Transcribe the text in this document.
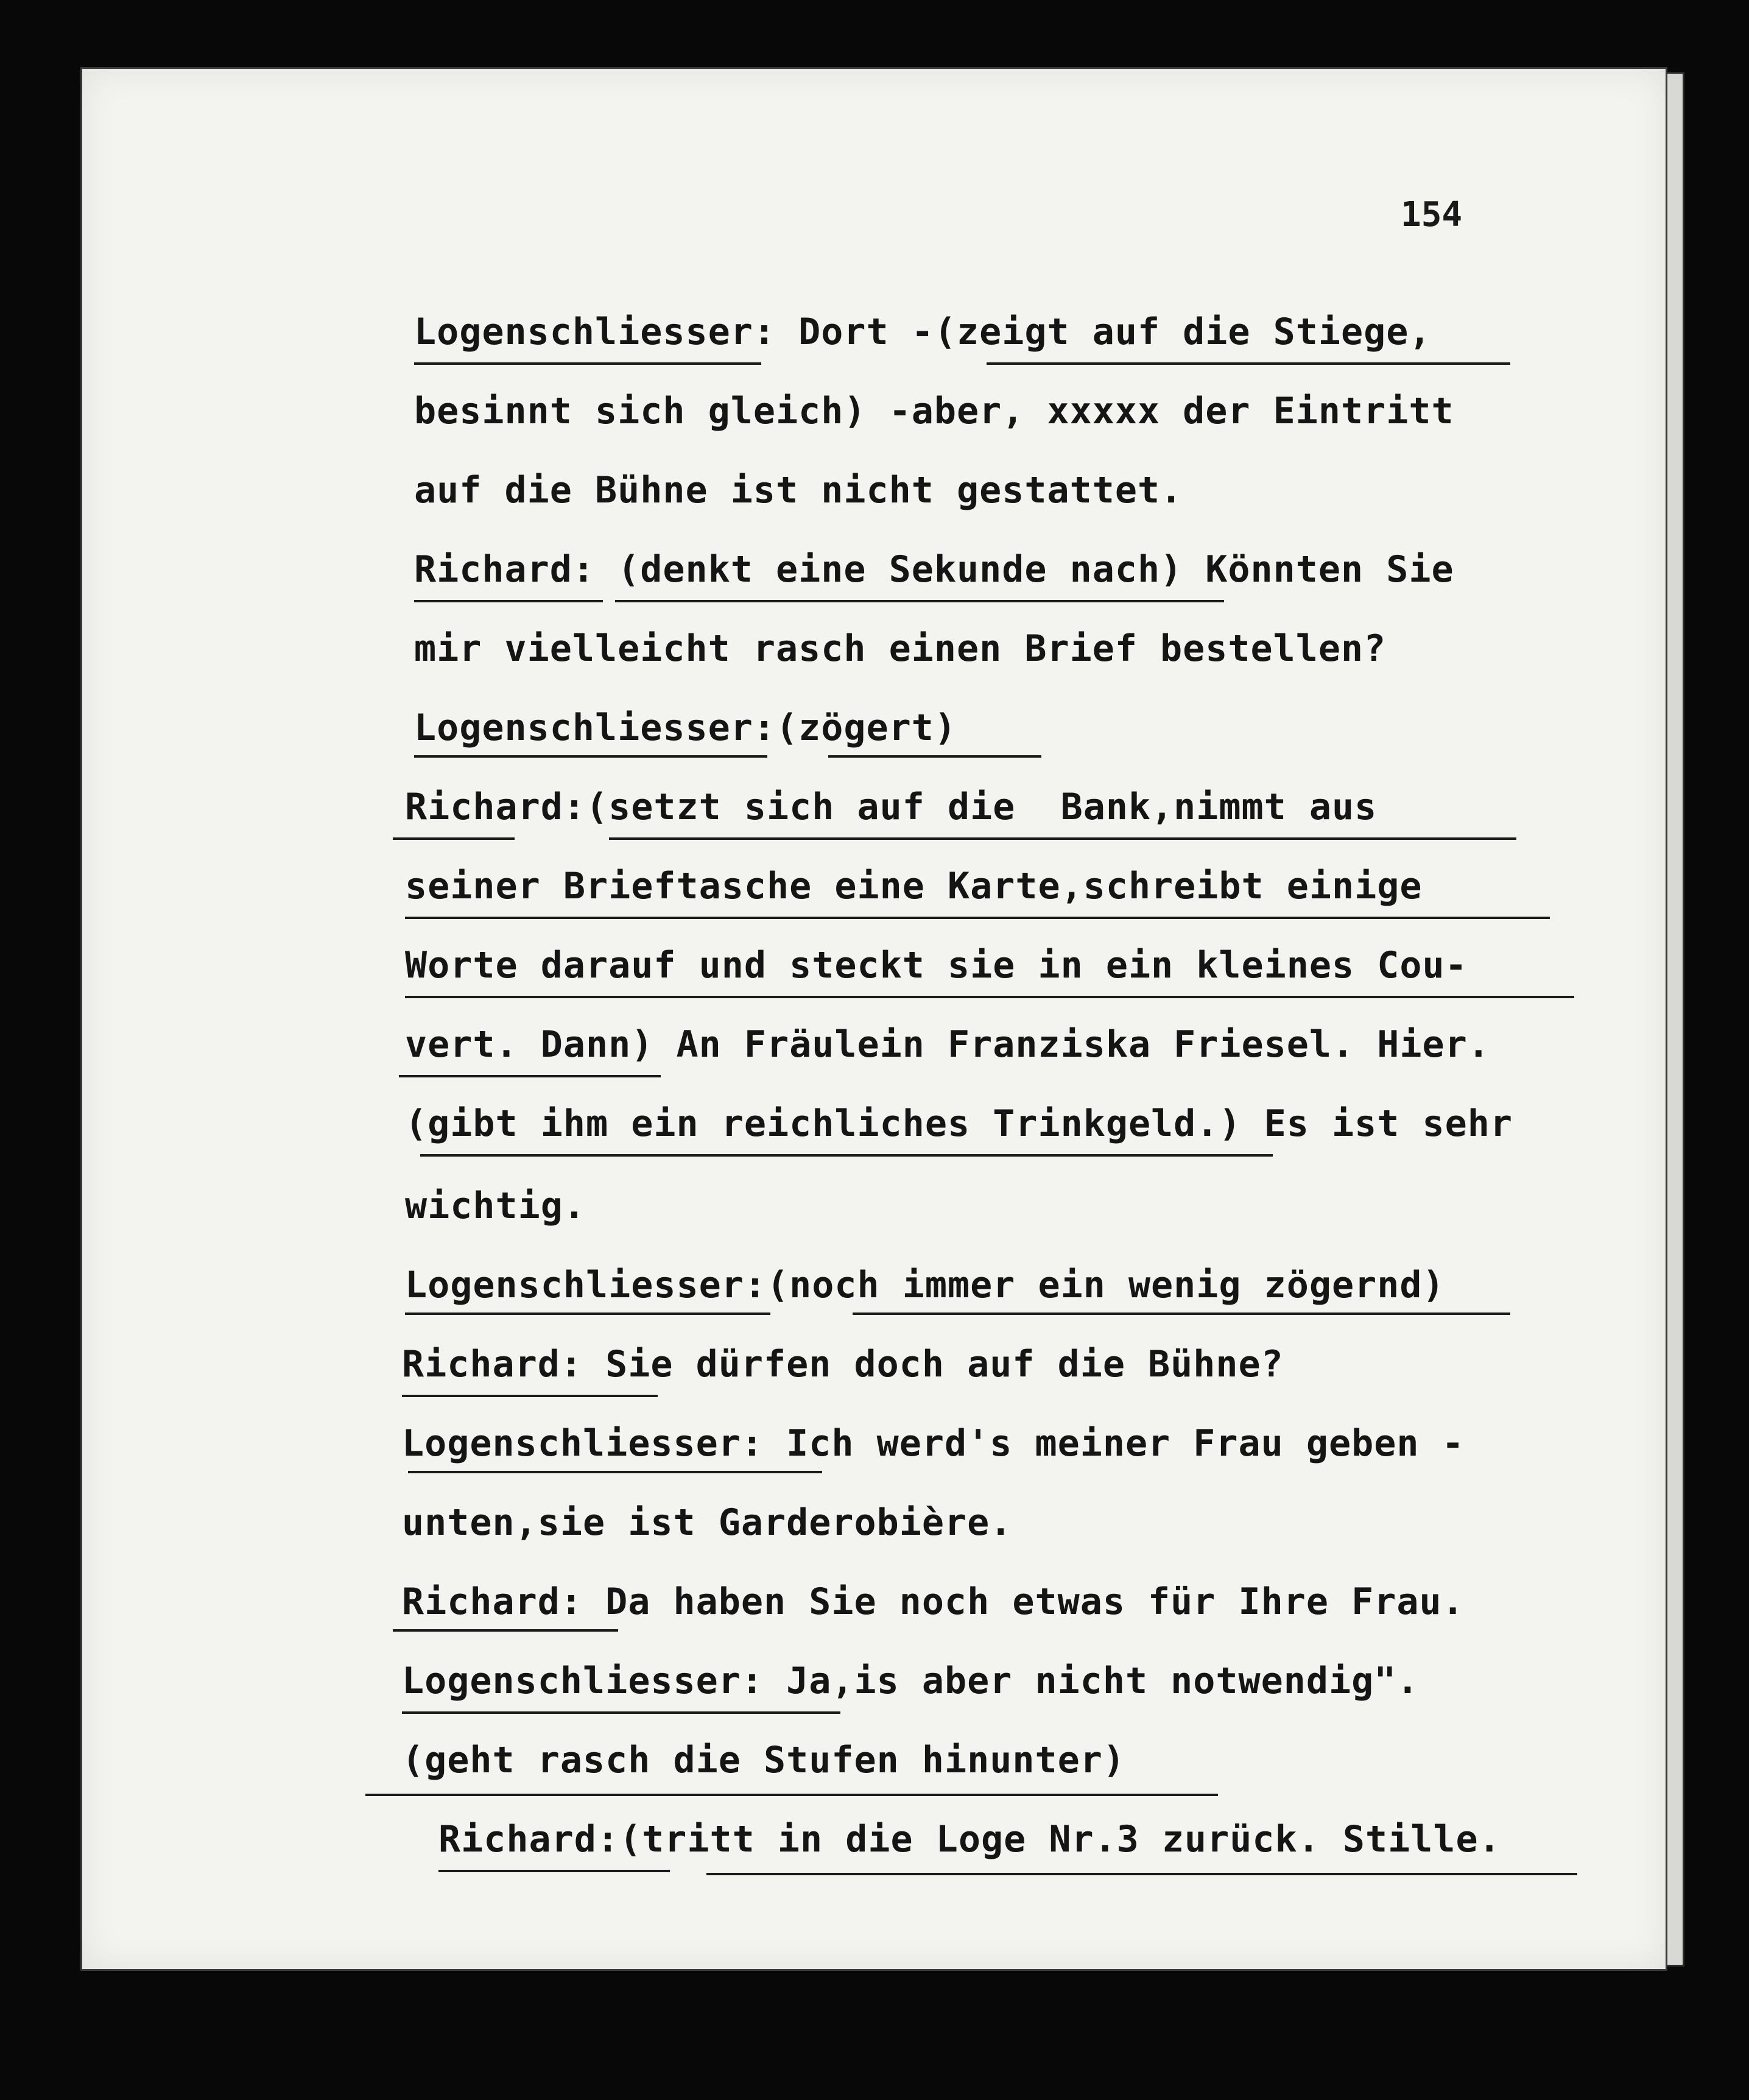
154
Logenschliesser: Dort -(zeigt auf die Stiege,
besinnt sich gleich) -aber, xxxxx der Eintritt
auf die Bühne ist nicht gestattet.
Richard: (denkt eine Sekunde nach) Könnten Sie
mir vielleicht rasch einen Brief bestellen?
Logenschliesser:(zögert)
Richard:(setzt sich auf die  Bank,nimmt aus
seiner Brieftasche eine Karte,schreibt einige
Worte darauf und steckt sie in ein kleines Cou-
vert. Dann) An Fräulein Franziska Friesel. Hier.
(gibt ihm ein reichliches Trinkgeld.) Es ist sehr
wichtig.
Logenschliesser:(noch immer ein wenig zögernd)
Richard: Sie dürfen doch auf die Bühne?
Logenschliesser: Ich werd's meiner Frau geben -
unten,sie ist Garderobière.
Richard: Da haben Sie noch etwas für Ihre Frau.
Logenschliesser: Ja,is aber nicht notwendig".
(geht rasch die Stufen hinunter)
Richard:(tritt in die Loge Nr.3 zurück. Stille.
